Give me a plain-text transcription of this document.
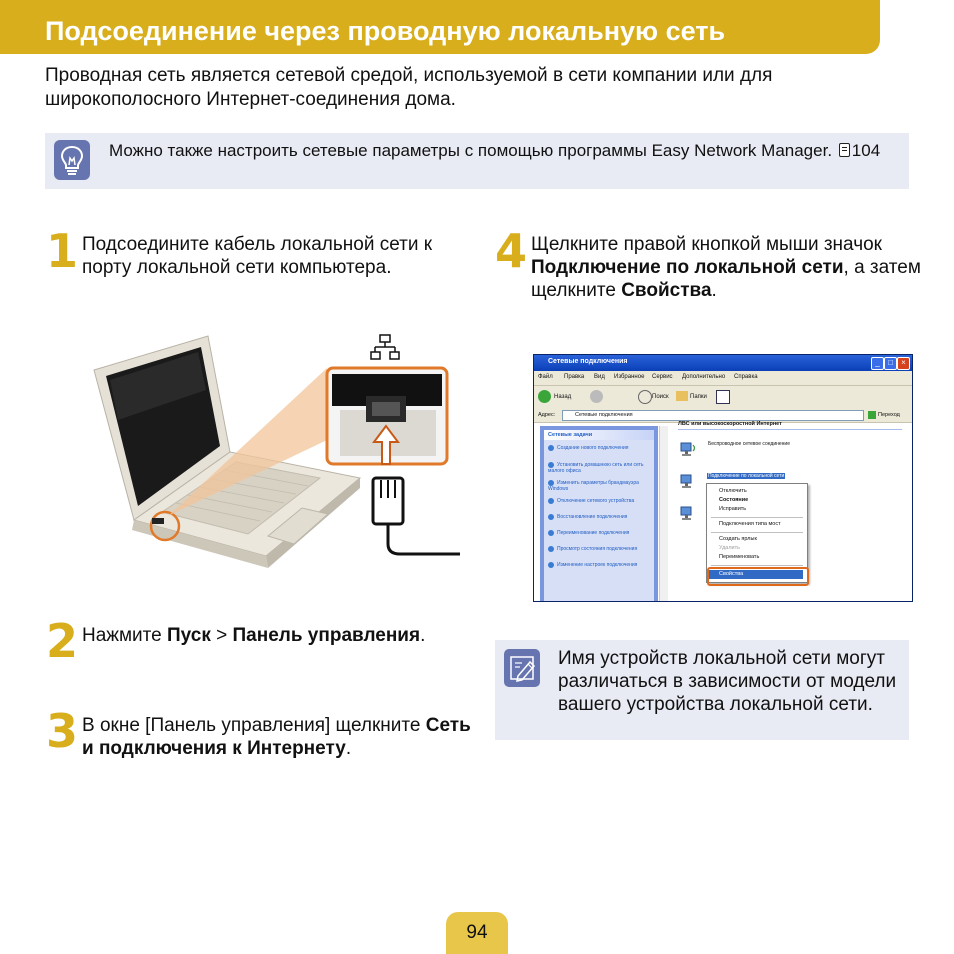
Подсоединение через проводную локальную сеть
Проводная сеть является сетевой средой, используемой в сети компании или для широкополосного Интернет-соединения дома.
Можно также настроить сетевые параметры с помощью программы Easy Network Manager. 104
1 Подсоедините кабель локальной сети к порту локальной сети компьютера.	4 Щелкните правой кнопкой мыши значок Подключение по локальной сети, а затем щелкните Свойства.
2 Нажмите Пуск > Панель управления.
3 В окне [Панель управления] щелкните Сеть и подключения к Интернету.
Сетевые подключения	_	□	×
Файл Правка Вид Избранное Сервис Дополнительно Справка
Назад	Поиск	Папки
Адрес:	Сетевые подключения	Переход
Сетевые задачи
Создание нового подключения
Установить домашнюю сеть или сеть малого офиса
Изменить параметры брандмауэра Windows
Отключение сетевого устройства
Восстановление подключения
Переименование подключения
Просмотр состояния подключения
Изменение настроек подключения
ЛВС или высокоскоростной Интернет
Беспроводное сетевое соединение
Подключение по локальной сети
Отключить
Состояние
Исправить
Подключения типа мост
Создать ярлык
Удалить
Переименовать
Свойства
Имя устройств локальной сети могут различаться в зависимости от модели вашего устройства локальной сети.
94
